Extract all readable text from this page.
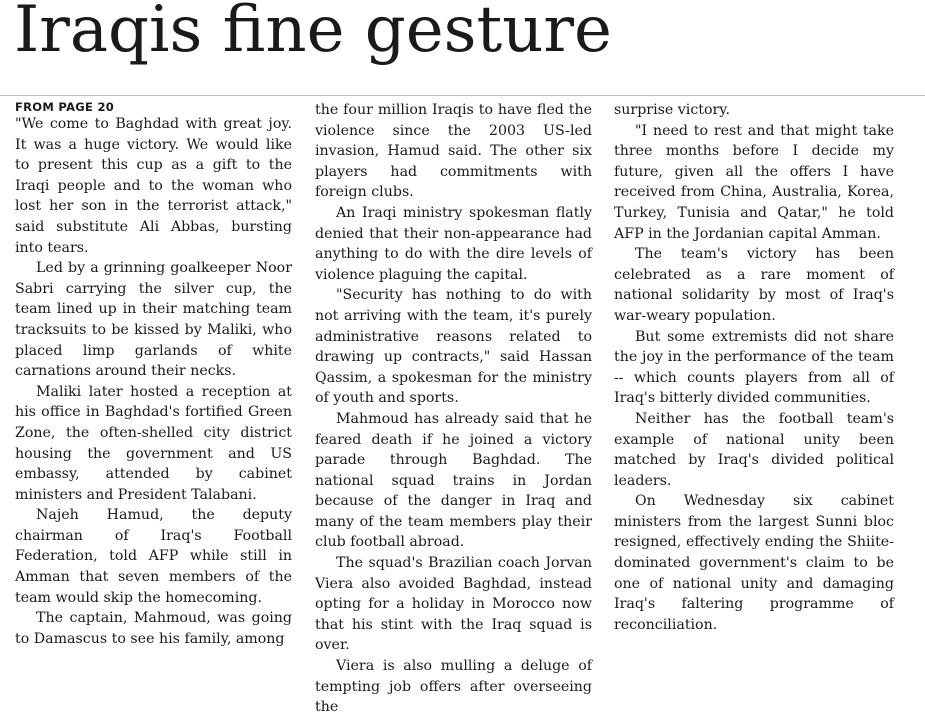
Iraqis fine gesture
FROM PAGE 20

"We come to Baghdad with great joy. It was a huge victory. We would like to present this cup as a gift to the Iraqi people and to the woman who lost her son in the terrorist attack," said substitute Ali Abbas, bursting into tears.

Led by a grinning goalkeeper Noor Sabri carrying the silver cup, the team lined up in their matching team tracksuits to be kissed by Maliki, who placed limp garlands of white carnations around their necks.

Maliki later hosted a reception at his office in Baghdad's fortified Green Zone, the often-shelled city district housing the government and US embassy, attended by cabinet ministers and President Talabani.

Najeh Hamud, the deputy chairman of Iraq's Football Federation, told AFP while still in Amman that seven members of the team would skip the homecoming.

The captain, Mahmoud, was going to Damascus to see his family, among

the four million Iraqis to have fled the violence since the 2003 US-led invasion, Hamud said. The other six players had commitments with foreign clubs.

An Iraqi ministry spokesman flatly denied that their non-appearance had anything to do with the dire levels of violence plaguing the capital.

"Security has nothing to do with not arriving with the team, it's purely administrative reasons related to drawing up contracts," said Hassan Qassim, a spokesman for the ministry of youth and sports.

Mahmoud has already said that he feared death if he joined a victory parade through Baghdad. The national squad trains in Jordan because of the danger in Iraq and many of the team members play their club football abroad.

The squad's Brazilian coach Jorvan Viera also avoided Baghdad, instead opting for a holiday in Morocco now that his stint with the Iraq squad is over.

Viera is also mulling a deluge of tempting job offers after overseeing the

surprise victory.

"I need to rest and that might take three months before I decide my future, given all the offers I have received from China, Australia, Korea, Turkey, Tunisia and Qatar," he told AFP in the Jordanian capital Amman.

The team's victory has been celebrated as a rare moment of national solidarity by most of Iraq's war-weary population.

But some extremists did not share the joy in the performance of the team -- which counts players from all of Iraq's bitterly divided communities.

Neither has the football team's example of national unity been matched by Iraq's divided political leaders.

On Wednesday six cabinet ministers from the largest Sunni bloc resigned, effectively ending the Shiite-dominated government's claim to be one of national unity and damaging Iraq's faltering programme of reconciliation.
